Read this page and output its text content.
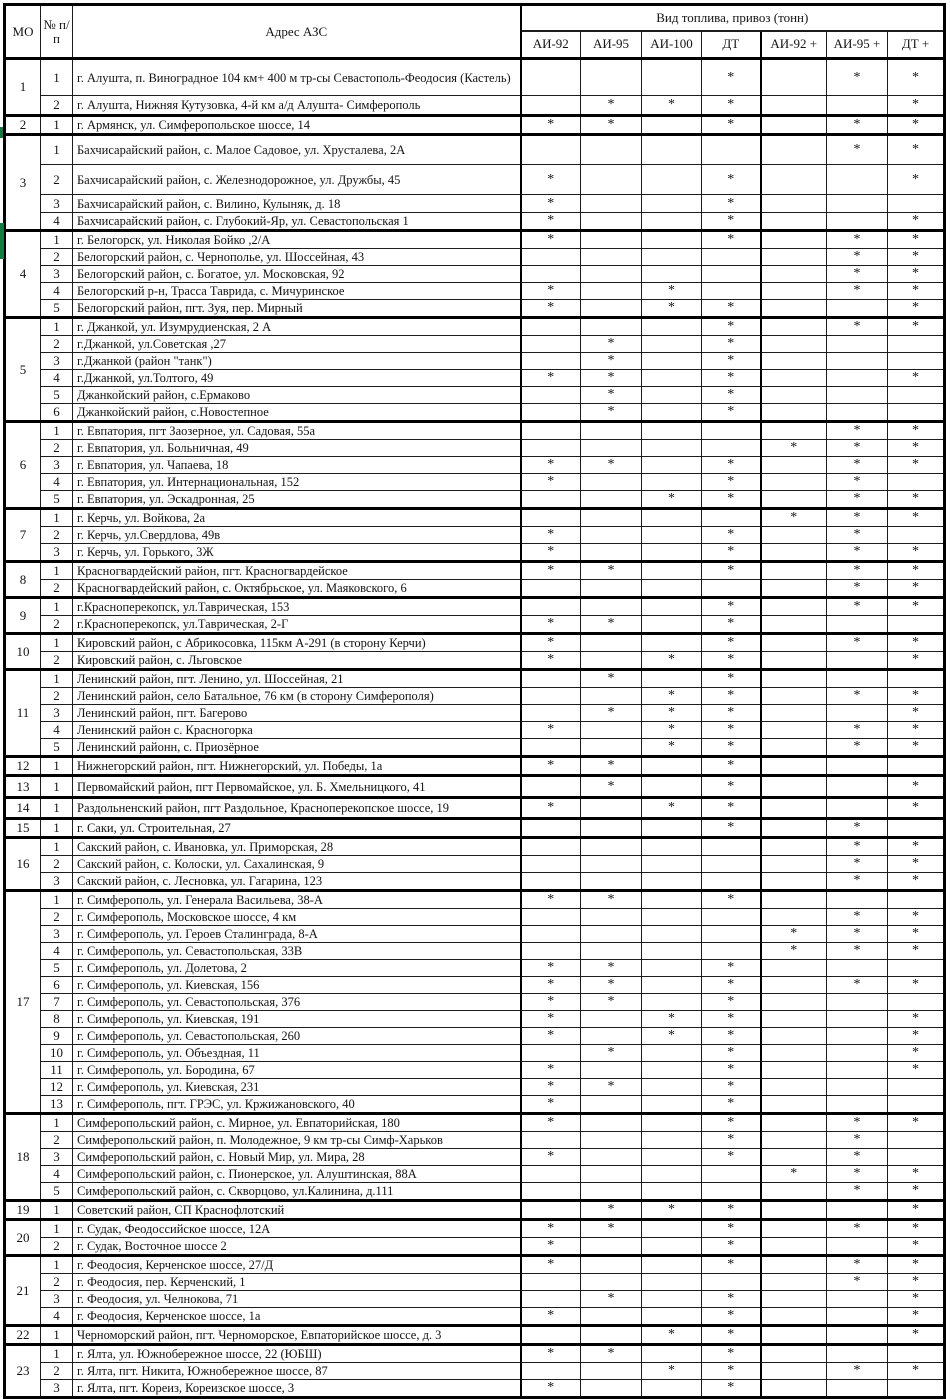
МО	№ п/п	Адрес АЗС	Вид топлива, привоз (тонн)						
			АИ-92	АИ-95	АИ-100	ДТ	АИ-92 +	АИ-95 +	ДТ +
1	1	г. Алушта, п. Виноградное 104 км+ 400 м тр-сы Севастополь-Феодосия (Кастель)				*		*	*
	2	г. Алушта, Нижняя Кутузовка, 4-й км а/д Алушта- Симферополь		*	*	*			*
2	1	г. Армянск, ул. Симферопольское шоссе, 14	*	*		*		*	*
3	1	Бахчисарайский район, с. Малое Садовое, ул. Хрусталева, 2А						*	*
	2	Бахчисарайский район, с. Железнодорожное, ул. Дружбы, 45	*			*			*
	3	Бахчисарайский район, с. Вилино, Кулыняк, д. 18	*			*			
	4	Бахчисарайский район, с. Глубокий-Яр, ул. Севастопольская 1	*			*			*
4	1	г. Белогорск, ул. Николая Бойко ,2/А	*			*		*	*
	2	Белогорский район, с. Чернополье, ул. Шоссейная, 43						*	*
	3	Белогорский район, с. Богатое, ул. Московская, 92						*	*
	4	Белогорский р-н, Трасса Таврида, с. Мичуринское	*		*			*	*
	5	Белогорский район, пгт. Зуя, пер. Мирный	*		*	*			*
5	1	г. Джанкой, ул. Изумрудиенская, 2 А				*		*	*
	2	г.Джанкой, ул.Советская ,27		*		*			
	3	г.Джанкой (район "танк")		*		*			
	4	г.Джанкой, ул.Толтого, 49	*	*		*			*
	5	Джанкойский район, с.Ермаково		*		*			
	6	Джанкойский район, с.Новостепное		*		*			
6	1	г. Евпатория, пгт Заозерное, ул. Садовая, 55а						*	*
	2	г. Евпатория, ул. Больничная, 49					*	*	*
	3	г. Евпатория, ул. Чапаева, 18	*	*		*		*	*
	4	г. Евпатория, ул. Интернациональная, 152	*			*		*	
	5	г. Евпатория, ул. Эскадронная, 25			*	*		*	*
7	1	г. Керчь, ул. Войкова, 2а					*	*	*
	2	г. Керчь, ул.Свердлова, 49в	*			*		*	
	3	г. Керчь, ул. Горького, 3Ж	*			*		*	*
8	1	Красногвардейский район, пгт. Красногвардейское	*	*		*		*	*
	2	Красногвардейский район, с. Октябрьское, ул. Маяковского, 6						*	*
9	1	г.Красноперекопск, ул.Таврическая, 153				*		*	*
	2	г.Красноперекопск, ул.Таврическая, 2-Г	*	*		*			
10	1	Кировский район, с Абрикосовка, 115км А-291 (в сторону Керчи)	*			*		*	*
	2	Кировский район, с. Льговское	*		*	*			*
11	1	Ленинский район, пгт. Ленино, ул. Шоссейная, 21		*		*			
	2	Ленинский район, село Батальное, 76 км (в сторону Симферополя)			*	*		*	*
	3	Ленинский район, пгт. Багерово		*	*	*			*
	4	Ленинский район с. Красногорка	*		*	*		*	*
	5	Ленинский районн, с. Приозёрное			*	*		*	*
12	1	Нижнегорский район, пгт. Нижнегорский, ул. Победы, 1а	*	*		*			
13	1	Первомайский район, пгт Первомайское, ул. Б. Хмельницкого, 41		*		*			*
14	1	Раздольненский район, пгт Раздольное, Красноперекопское шоссе, 19	*		*	*			*
15	1	г. Саки, ул. Строительная, 27				*		*	
16	1	Сакский район, с. Ивановка, ул. Приморская, 28						*	*
	2	Сакский район, с. Колоски, ул. Сахалинская, 9						*	*
	3	Сакский район, с. Лесновка, ул. Гагарина, 123						*	*
17	1	г. Симферополь, ул. Генерала Васильева, 38-А	*	*		*			
	2	г. Симферополь, Московское шоссе, 4 км						*	*
	3	г. Симферополь, ул. Героев Сталинграда, 8-А					*	*	*
	4	г. Симферополь, ул. Севастопольская, 33В					*	*	*
	5	г. Симферополь, ул. Долетова, 2	*	*		*			
	6	г. Симферополь, ул. Киевская, 156	*	*		*		*	*
	7	г. Симферополь, ул. Севастопольская, 376	*	*		*			
	8	г. Симферополь, ул. Киевская, 191	*		*	*			*
	9	г. Симферополь, ул. Севастопольская, 260	*		*	*			*
	10	г. Симферополь, ул. Объездная, 11		*		*			*
	11	г. Симферополь, ул. Бородина, 67	*			*			*
	12	г. Симферополь, ул. Киевская, 231	*	*		*			
	13	г. Симферополь, пгт. ГРЭС, ул. Кржижановского, 40	*			*			
18	1	Симферопольский район, с. Мирное, ул. Евпаторийская, 180	*			*		*	*
	2	Симферопольский район, п. Молодежное, 9 км тр-сы Симф-Харьков				*		*	
	3	Симферопольский район, с. Новый Мир, ул. Мира, 28	*			*		*	
	4	Симферопольский район, с. Пионерское, ул. Алуштинская, 88А					*	*	*
	5	Симферопольский район, с. Скворцово, ул.Калинина, д.111						*	*
19	1	Советский район, СП Краснофлотский		*	*	*			*
20	1	г. Судак, Феодоссийское шоссе, 12А	*	*		*		*	*
	2	г. Судак, Восточное шоссе 2	*			*			*
21	1	г. Феодосия, Керченское шоссе, 27/Д	*			*		*	*
	2	г. Феодосия, пер. Керченский, 1						*	*
	3	г. Феодосия, ул. Челнокова, 71		*		*			*
	4	г. Феодосия, Керченское шоссе, 1а	*			*			*
22	1	Черноморский район, пгт. Черноморское, Евпаторийское шоссе, д. 3			*	*			*
23	1	г. Ялта, ул. Южнобережное шоссе, 22 (ЮБШ)	*	*		*			
	2	г. Ялта, пгт. Никита, Южнобережное шоссе, 87			*	*		*	*
	3	г. Ялта, пгт. Кореиз, Кореизское шоссе, 3	*			*			
